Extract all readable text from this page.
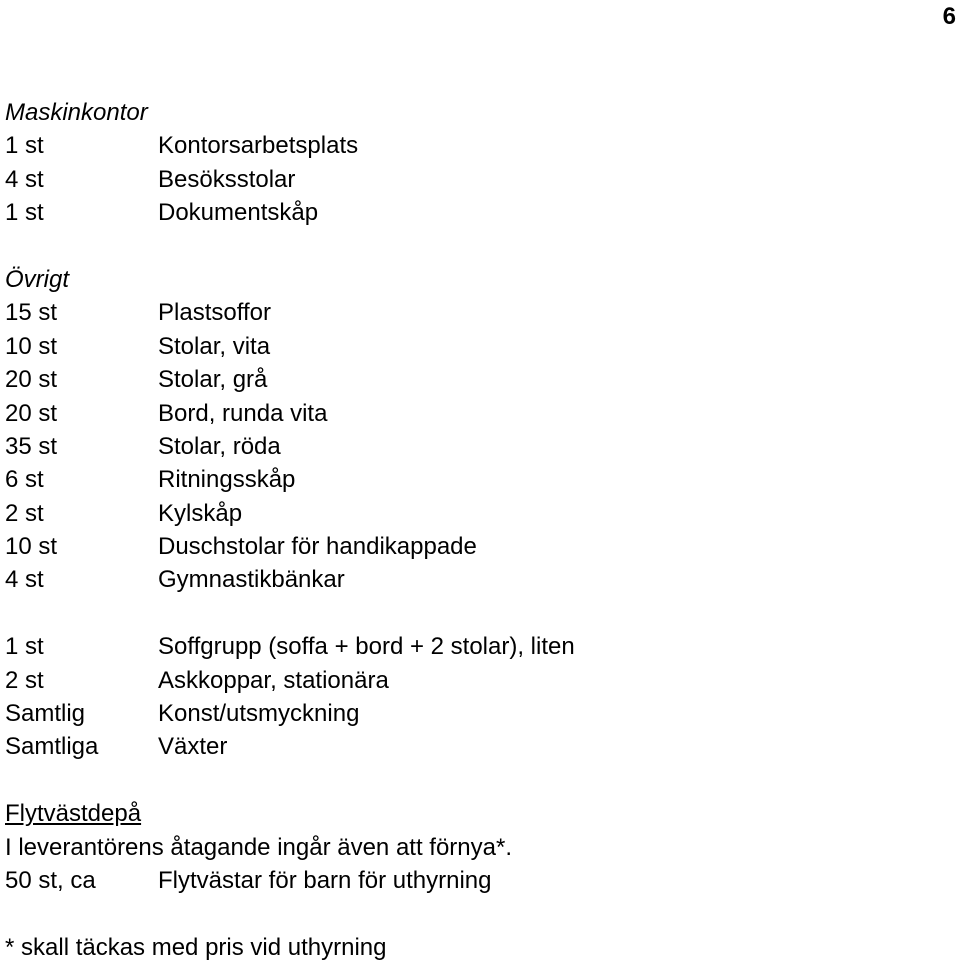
6
Maskinkontor
1 st	Kontorsarbetsplats
4 st	Besöksstolar
1 st	Dokumentskåp
Övrigt
15 st	Plastsoffor
10 st	Stolar, vita
20 st	Stolar, grå
20 st	Bord, runda vita
35 st	Stolar, röda
6 st	Ritningsskåp
2 st	Kylskåp
10 st	Duschstolar för handikappade
4 st	Gymnastikbänkar
1 st	Soffgrupp (soffa + bord + 2 stolar), liten
2 st	Askkoppar, stationära
Samtlig	Konst/utsmyckning
Samtliga Växter
Flytvästdepå
I leverantörens åtagande ingår även att förnya*.
50 st, ca	Flytvästar för barn för uthyrning
* skall täckas med pris vid uthyrning
